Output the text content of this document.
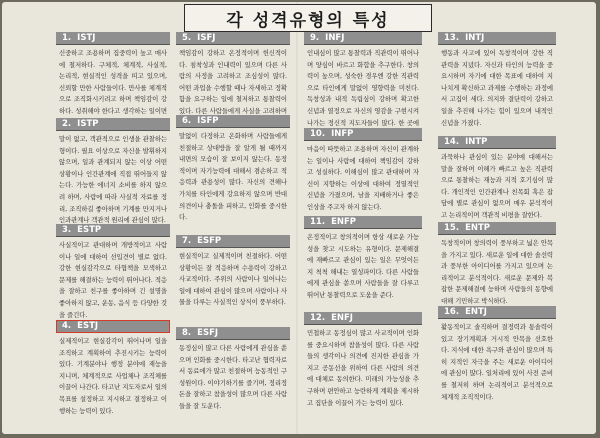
각 성격유형의 특성
1. ISTJ
신중하고 조용하며 집중력이 높고 매사에 철저하다. 구체적, 체계적, 사실적, 논리적, 현실적인 성격을 띠고 있으며, 신뢰할 만한 사람들이다. 만사를 체계적으로 조직화시키려고 하며 책임감이 강하다. 성취해야 한다고 생각하는 일이면
2. ISTP
말이 없고, 객관적으로 인생을 관찰하는 형이다. 필요 이상으로 자신을 발휘하지 않으며, 일과 관계되지 않는 이상 어떤 상황이나 인간관계에 직접 뛰어들지 않는다. 가능한 에너지 소비를 하지 않으려 하며, 사람에 따라 사실적 자료를 정리, 조직하길 좋아하며 기계를 만지거나 인과관계나 객관적 원리에 관심이 많다.
3. ESTP
사실적이고 관대하며 개방적이고 사람이나 일에 대하여 선입견이 별로 없다. 강한 현실감각으로 타협책을 모색하고 문제를 해결하는 능력이 뛰어나다. 적응을 잘하고 친구를 좋아하며 긴 설명을 좋아하지 않고, 운동, 음식 등 다양한 것을 즐긴다.
4. ESTJ
실제적이고 현실감각이 뛰어나며 일을 조직하고 계획하여 추진시키는 능력이 있다. 기계분야나 행정 분야에 재능을 지니며, 체계적으로 사업체나 조직체를 이끌어 나간다. 타고난 지도자로서 일의 목표를 설정하고 지시하고 결정하고 이행하는 능력이 있다.
5. ISFJ
책임감이 강하고 온정적이며 헌신적이다. 침착성과 인내력이 있으며 다른 사람의 사정을 고려하고 조심성이 많다. 어떤 과업을 수행할 때나 자세하고 정확함을 요구하는 일에 철저하고 통찰력이 있다. 다른 사람들에게 사실을 고려하며
6. ISFP
말없이 다정하고 온화하며 사람들에게 친절하고 상대방을 잘 알게 될 때까지 내면의 모습이 잘 보이지 않는다. 동정적이며 자기능력에 대해서 겸손하고 적응력과 관용성이 많다. 자신의 견해나 가치를 타인에게 강요하지 않으며 반대의견이나 충돌을 피하고, 인화를 중시한다.
7. ESFP
현실적이고 실제적이며 친절하다. 어떤 상황이든 잘 적응하며 수용력이 강하고 사교적이다. 주위의 사람이나 일어나는 일에 대하여 관심이 많으며 사람이나 사물을 다루는 사실적인 상식이 풍부하다.
8. ESFJ
동정심이 많고 다른 사람에게 관심을 쏟으며 인화를 중시한다. 타고난 협력자로서 동료애가 많고 친절하며 능동적인 구성원이다. 이야기하기를 즐기며, 정리정돈을 잘하고 참을성이 많으며 다른 사람들을 잘 도운다.
9. INFJ
인내심이 많고 통찰력과 직관력이 뛰어나며 양심이 바르고 화합을 추구한다. 창의력이 높으며, 성숙한 경우엔 강한 직관력으로 타인에게 말없이 영향력을 미친다. 독창성과 내적 독립심이 강하며 확고한 신념과 열정으로 자신의 영감을 구현시켜 나가는 정신적 지도자들이 많다. 한 곳에
10. INFP
마음이 따뜻하고 조용하며 자신이 관계하는 일이나 사람에 대하여 책임감이 강하고 성실하다. 이해심이 많고 관대하며 자신이 지향하는 이상에 대하여 정열적인 신념을 가졌으며, 남을 지배하거나 좋은 인상을 주고자 하지 않는다.
11. ENFP
온정적이고 창의적이며 항상 새로운 가능성을 찾고 시도하는 유형이다. 문제해결에 재빠르고 관심이 있는 일은 무엇이든지 척척 해내는 열성파이다. 다른 사람들에게 관심을 쏟으며 사람들을 잘 다루고 뛰어난 통찰력으로 도움을 준다.
12. ENFJ
민첩하고 동정심이 많고 사교적이며 인화를 중요시하며 참을성이 많다. 다른 사람들의 생각이나 의견에 진지한 관심을 가지고 공동선을 위하여 다른 사람의 의견에 대체로 동의한다. 미래의 가능성을 추구하며 편안하고 능란하게 계획을 제시하고 집단을 이끌어 가는 능력이 있다.
13. INTJ
행동과 사고에 있어 독창적이며 강한 직관력을 지녔다. 자신과 타인의 능력을 중요시하며 자기에 대한 목표에 대하여 지나치게 확신하고 과제를 수행하는 과정에서 고집이 세다. 의지와 결단력이 강하고 일을 추진해 나가는 힘이 있으며 내적인 신념을 가졌다.
14. INTP
과묵하나 관심이 있는 분야에 대해서는 말을 잘하며 이해가 빠르고 높은 직관력으로 통찰하는 재능과 지적 호기심이 많다. 개인적인 인간관계나 친목회 혹은 잡담에 별로 관심이 없으며 매우 분석적이고 논리적이며 객관적 비평을 잘한다.
15. ENTP
독창적이며 창의력이 풍부하고 넓은 안목을 가지고 있다. 새로운 일에 대한 솔선력과 풍부한 아이디어를 가지고 있으며 논리적이고 분석적이다. 새로운 문제와 복잡한 문제해결에 능하며 사람들의 동향에 대해 기민하고 박식하다.
16. ENTJ
활동적이고 솔직하며 결정력과 통솔력이 있고 장기계획과 거시적 안목을 선호한다. 지식에 대한 욕구와 관심이 많으며 특히 지적인 자극을 주는 새로운 아이디어에 관심이 많다. 일처리에 있어 사전 준비를 철저히 하며 논리적이고 분석적으로 체계적 조직적이다.
